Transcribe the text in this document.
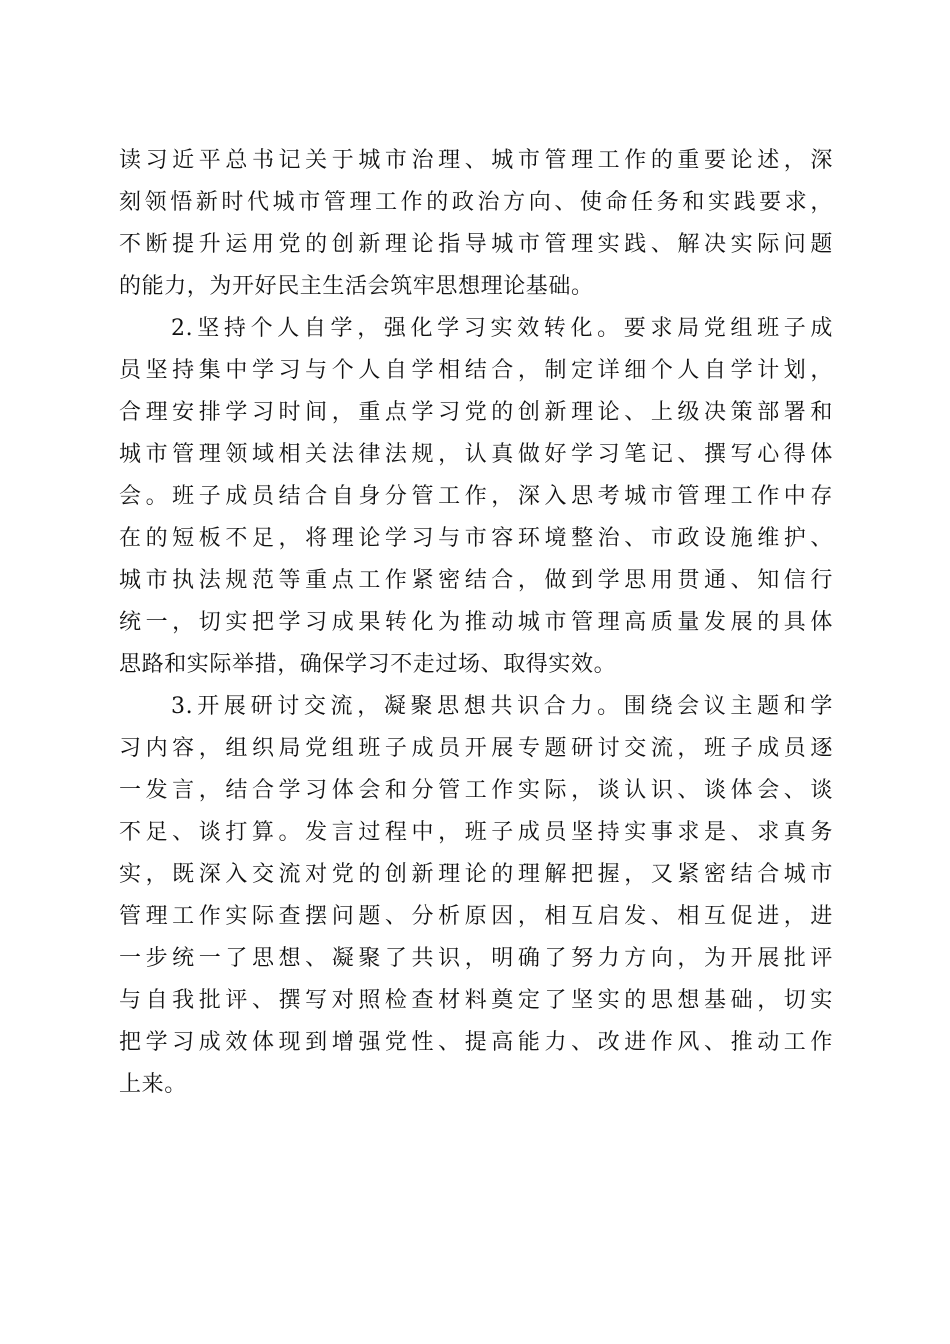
读习近平总书记关于城市治理、城市管理工作的重要论述，深
刻领悟新时代城市管理工作的政治方向、使命任务和实践要求，
不断提升运用党的创新理论指导城市管理实践、解决实际问题
的能力，为开好民主生活会筑牢思想理论基础。
2.坚持个人自学，强化学习实效转化。要求局党组班子成
员坚持集中学习与个人自学相结合，制定详细个人自学计划，
合理安排学习时间，重点学习党的创新理论、上级决策部署和
城市管理领域相关法律法规，认真做好学习笔记、撰写心得体
会。班子成员结合自身分管工作，深入思考城市管理工作中存
在的短板不足，将理论学习与市容环境整治、市政设施维护、
城市执法规范等重点工作紧密结合，做到学思用贯通、知信行
统一，切实把学习成果转化为推动城市管理高质量发展的具体
思路和实际举措，确保学习不走过场、取得实效。
3.开展研讨交流，凝聚思想共识合力。围绕会议主题和学
习内容，组织局党组班子成员开展专题研讨交流，班子成员逐
一发言，结合学习体会和分管工作实际，谈认识、谈体会、谈
不足、谈打算。发言过程中，班子成员坚持实事求是、求真务
实，既深入交流对党的创新理论的理解把握，又紧密结合城市
管理工作实际查摆问题、分析原因，相互启发、相互促进，进
一步统一了思想、凝聚了共识，明确了努力方向，为开展批评
与自我批评、撰写对照检查材料奠定了坚实的思想基础，切实
把学习成效体现到增强党性、提高能力、改进作风、推动工作
上来。
